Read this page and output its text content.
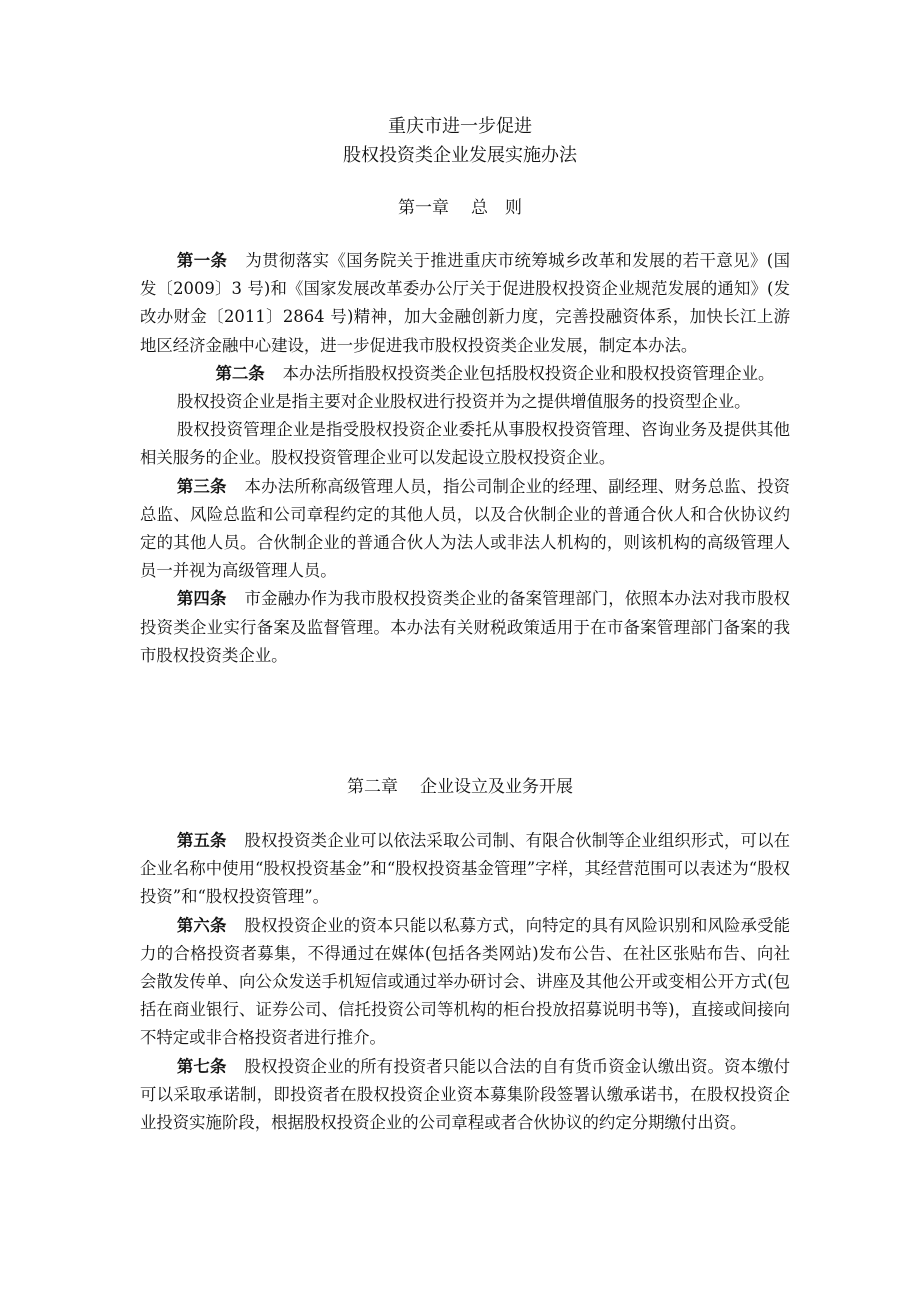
重庆市进一步促进
股权投资类企业发展实施办法
第一章 总　则

第一条 为贯彻落实《国务院关于推进重庆市统筹城乡改革和发展的若干意见》(国发〔2009〕3 号)和《国家发展改革委办公厅关于促进股权投资企业规范发展的通知》(发改办财金〔2011〕2864 号)精神，加大金融创新力度，完善投融资体系，加快长江上游地区经济金融中心建设，进一步促进我市股权投资类企业发展，制定本办法。

第二条 本办法所指股权投资类企业包括股权投资企业和股权投资管理企业。

股权投资企业是指主要对企业股权进行投资并为之提供增值服务的投资型企业。

股权投资管理企业是指受股权投资企业委托从事股权投资管理、咨询业务及提供其他相关服务的企业。股权投资管理企业可以发起设立股权投资企业。

第三条 本办法所称高级管理人员，指公司制企业的经理、副经理、财务总监、投资总监、风险总监和公司章程约定的其他人员，以及合伙制企业的普通合伙人和合伙协议约定的其他人员。合伙制企业的普通合伙人为法人或非法人机构的，则该机构的高级管理人员一并视为高级管理人员。

第四条 市金融办作为我市股权投资类企业的备案管理部门，依照本办法对我市股权投资类企业实行备案及监督管理。本办法有关财税政策适用于在市备案管理部门备案的我市股权投资类企业。

第二章 企业设立及业务开展

第五条 股权投资类企业可以依法采取公司制、有限合伙制等企业组织形式，可以在企业名称中使用“股权投资基金”和“股权投资基金管理”字样，其经营范围可以表述为“股权投资”和“股权投资管理”。

第六条 股权投资企业的资本只能以私募方式，向特定的具有风险识别和风险承受能力的合格投资者募集，不得通过在媒体(包括各类网站)发布公告、在社区张贴布告、向社会散发传单、向公众发送手机短信或通过举办研讨会、讲座及其他公开或变相公开方式(包括在商业银行、证券公司、信托投资公司等机构的柜台投放招募说明书等)，直接或间接向不特定或非合格投资者进行推介。

第七条 股权投资企业的所有投资者只能以合法的自有货币资金认缴出资。资本缴付可以采取承诺制，即投资者在股权投资企业资本募集阶段签署认缴承诺书，在股权投资企业投资实施阶段，根据股权投资企业的公司章程或者合伙协议的约定分期缴付出资。
